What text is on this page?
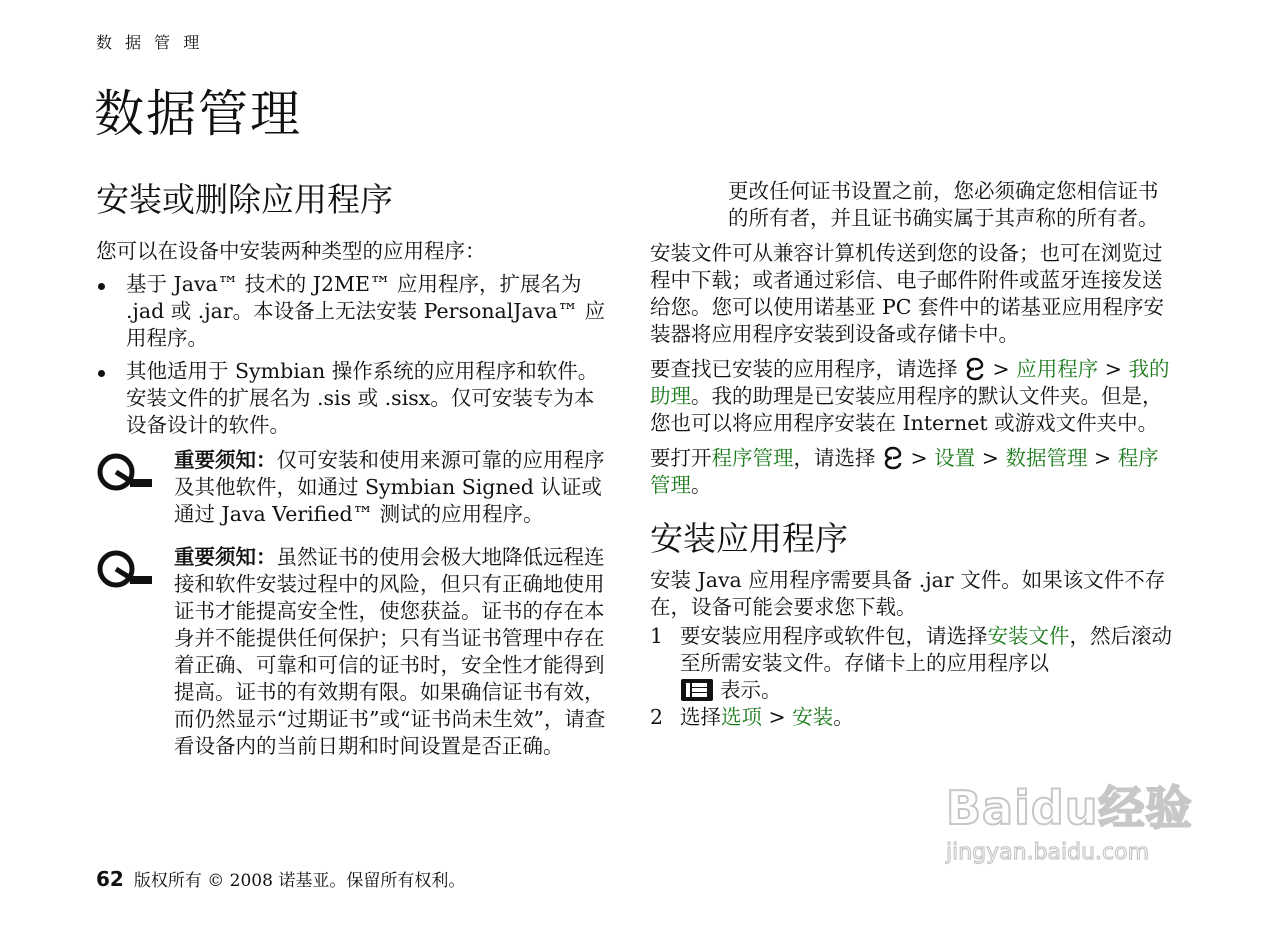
数 据 管 理
数据管理
安装或删除应用程序

您可以在设备中安装两种类型的应用程序：

基于 Java™ 技术的 J2ME™ 应用程序，扩展名为 .jad 或 .jar。本设备上无法安装 PersonalJava™ 应用程序。
其他适用于 Symbian 操作系统的应用程序和软件。安装文件的扩展名为 .sis 或 .sisx。仅可安装专为本设备设计的软件。

重要须知：仅可安装和使用来源可靠的应用程序及其他软件，如通过 Symbian Signed 认证或通过 Java Verified™ 测试的应用程序。

重要须知：虽然证书的使用会极大地降低远程连接和软件安装过程中的风险，但只有正确地使用证书才能提高安全性，使您获益。证书的存在本身并不能提供任何保护；只有当证书管理中存在着正确、可靠和可信的证书时，安全性才能得到提高。证书的有效期有限。如果确信证书有效，而仍然显示“过期证书”或“证书尚未生效”，请查看设备内的当前日期和时间设置是否正确。

更改任何证书设置之前，您必须确定您相信证书的所有者，并且证书确实属于其声称的所有者。

安装文件可从兼容计算机传送到您的设备；也可在浏览过程中下载；或者通过彩信、电子邮件附件或蓝牙连接发送给您。您可以使用诺基亚 PC 套件中的诺基亚应用程序安装器将应用程序安装到设备或存储卡中。

要查找已安装的应用程序，请选择  > 应用程序 > 我的助理。我的助理是已安装应用程序的默认文件夹。但是，您也可以将应用程序安装在 Internet 或游戏文件夹中。

要打开程序管理，请选择  > 设置 > 数据管理 > 程序管理。

安装应用程序

安装 Java 应用程序需要具备 .jar 文件。如果该文件不存在，设备可能会要求您下载。

1 要安装应用程序或软件包，请选择安装文件，然后滚动至所需安装文件。存储卡上的应用程序以
表示。
2 选择选项 > 安装。
62 版权所有 © 2008 诺基亚。保留所有权利。
Baidu经验
jingyan.baidu.com
